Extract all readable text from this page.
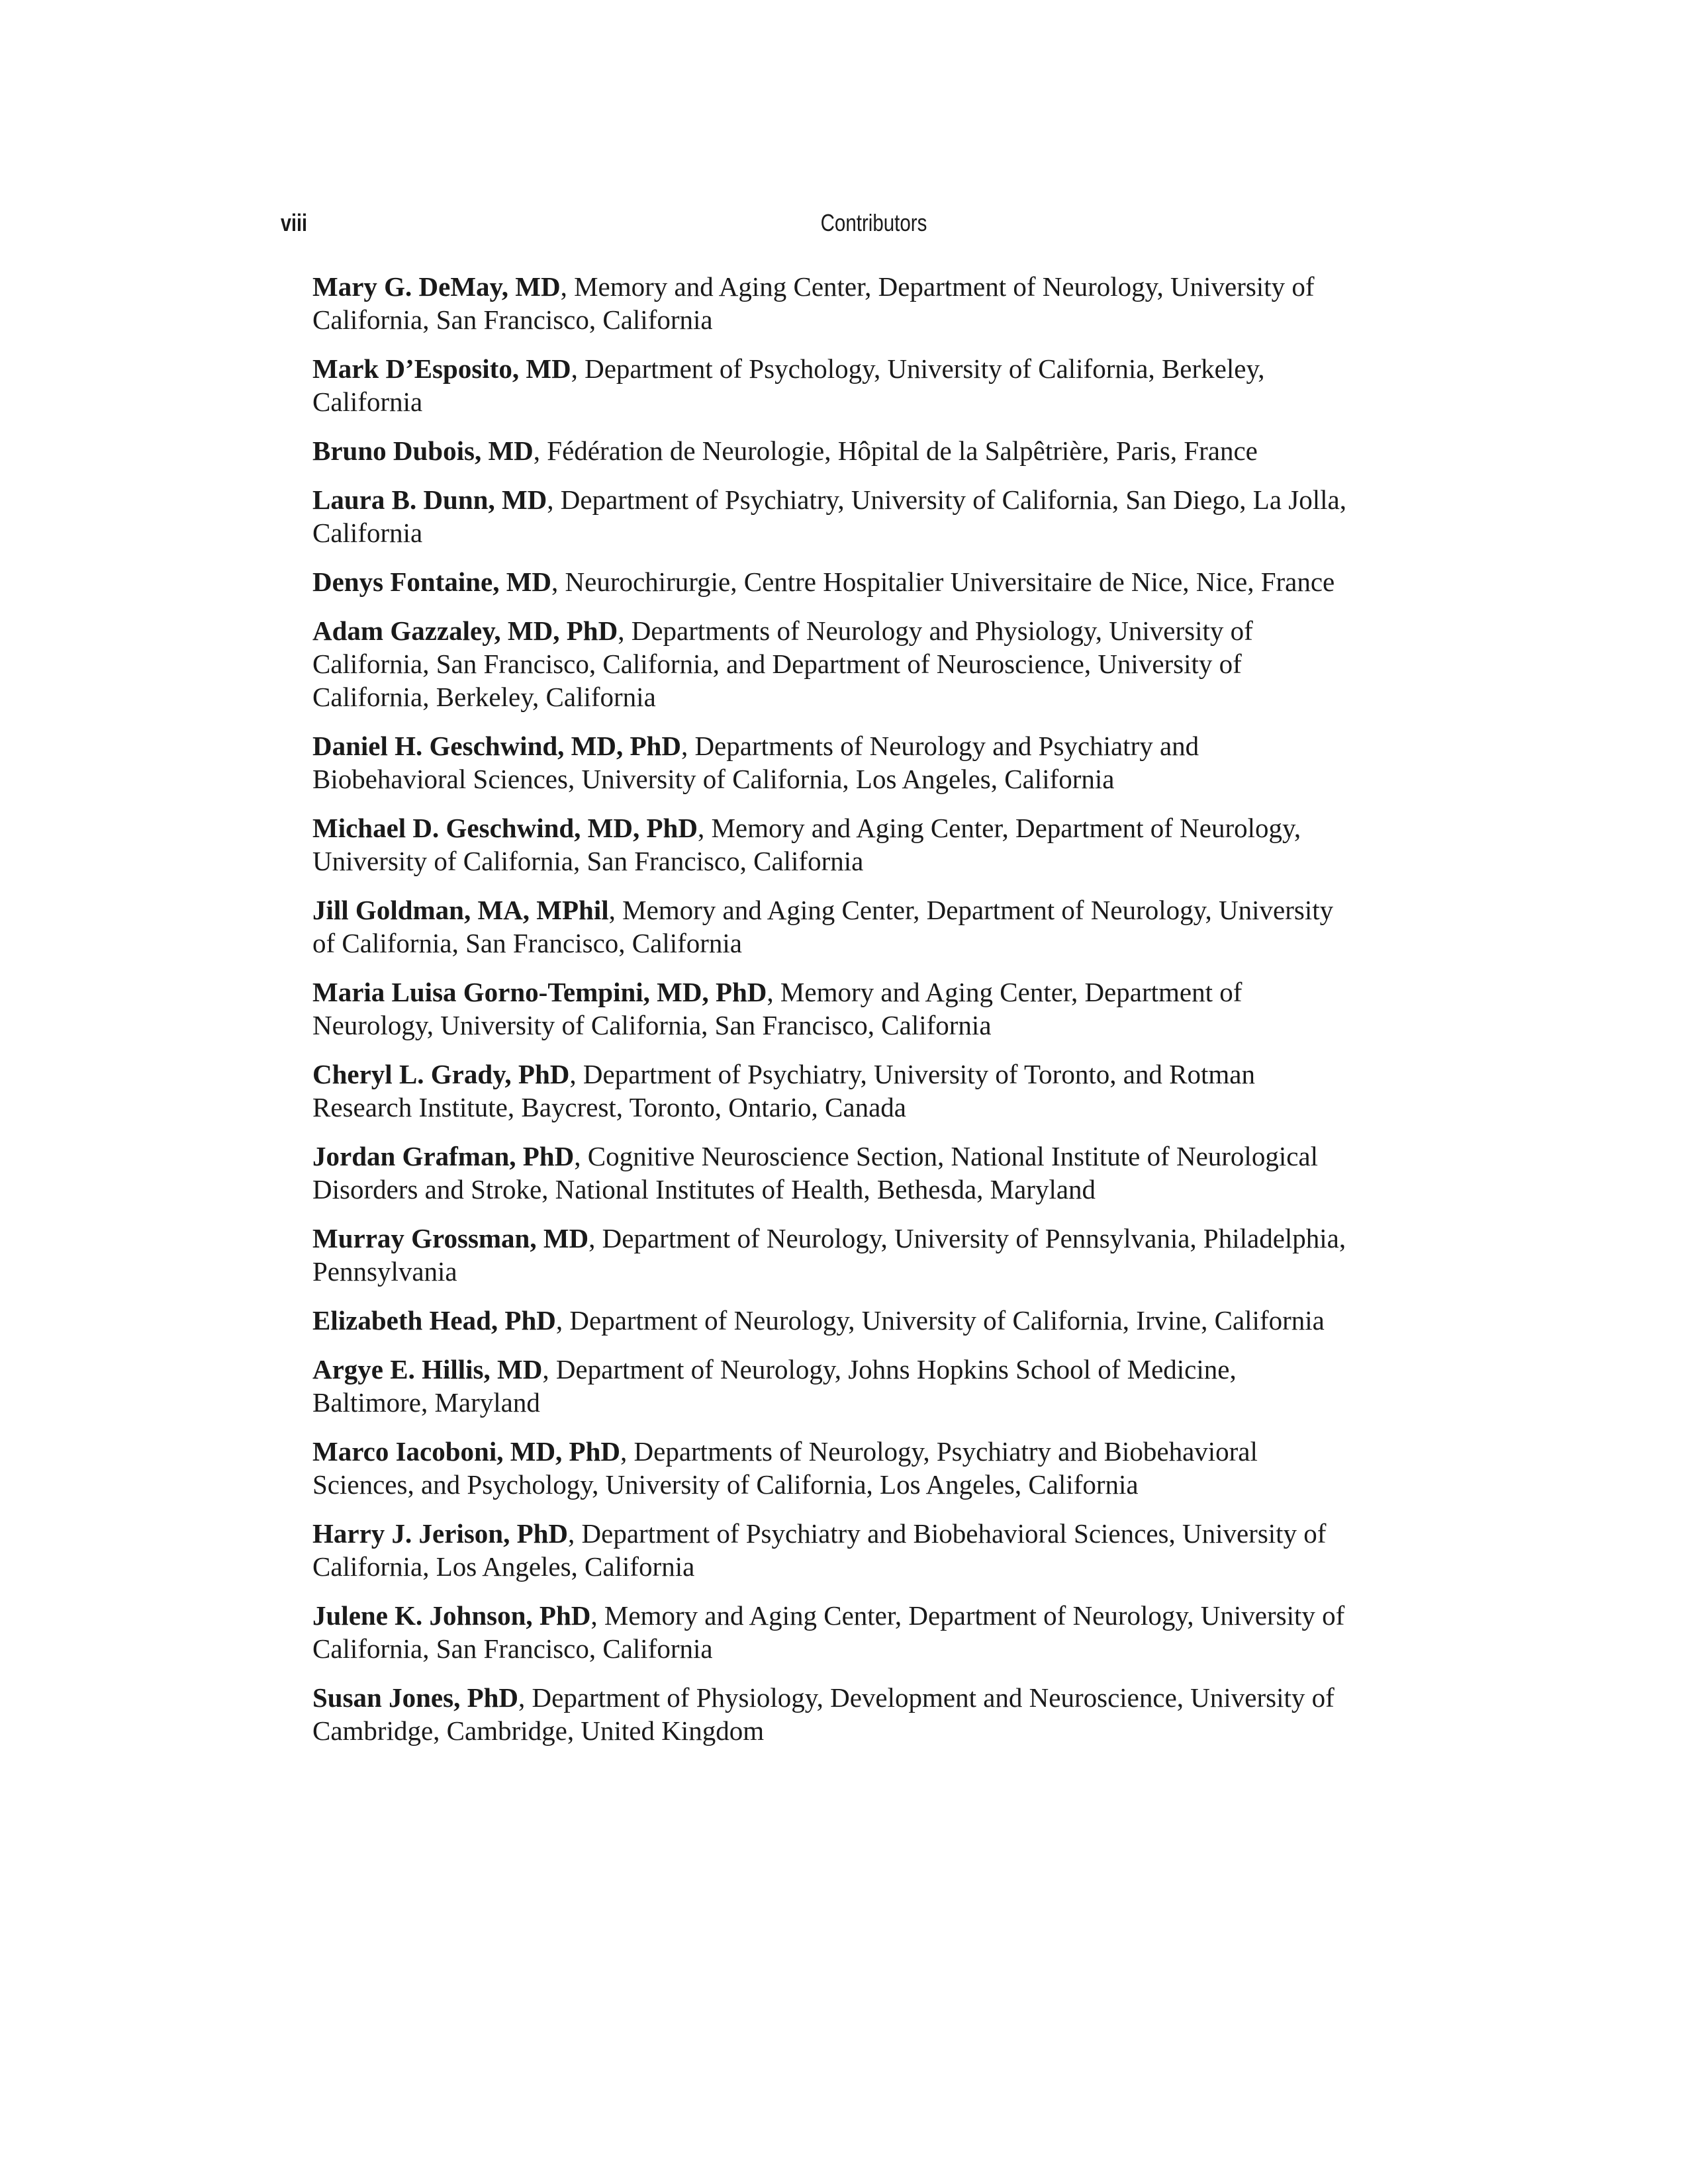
viii	Contributors
Mary G. DeMay, MD, Memory and Aging Center, Department of Neurology, University of California, San Francisco, California
Mark D’Esposito, MD, Department of Psychology, University of California, Berkeley, California
Bruno Dubois, MD, Fédération de Neurologie, Hôpital de la Salpêtrière, Paris, France
Laura B. Dunn, MD, Department of Psychiatry, University of California, San Diego, La Jolla, California
Denys Fontaine, MD, Neurochirurgie, Centre Hospitalier Universitaire de Nice, Nice, France
Adam Gazzaley, MD, PhD, Departments of Neurology and Physiology, University of California, San Francisco, California, and Department of Neuroscience, University of California, Berkeley, California
Daniel H. Geschwind, MD, PhD, Departments of Neurology and Psychiatry and Biobehavioral Sciences, University of California, Los Angeles, California
Michael D. Geschwind, MD, PhD, Memory and Aging Center, Department of Neurology, University of California, San Francisco, California
Jill Goldman, MA, MPhil, Memory and Aging Center, Department of Neurology, University of California, San Francisco, California
Maria Luisa Gorno-Tempini, MD, PhD, Memory and Aging Center, Department of Neurology, University of California, San Francisco, California
Cheryl L. Grady, PhD, Department of Psychiatry, University of Toronto, and Rotman Research Institute, Baycrest, Toronto, Ontario, Canada
Jordan Grafman, PhD, Cognitive Neuroscience Section, National Institute of Neurological Disorders and Stroke, National Institutes of Health, Bethesda, Maryland
Murray Grossman, MD, Department of Neurology, University of Pennsylvania, Philadelphia, Pennsylvania
Elizabeth Head, PhD, Department of Neurology, University of California, Irvine, California
Argye E. Hillis, MD, Department of Neurology, Johns Hopkins School of Medicine, Baltimore, Maryland
Marco Iacoboni, MD, PhD, Departments of Neurology, Psychiatry and Biobehavioral Sciences, and Psychology, University of California, Los Angeles, California
Harry J. Jerison, PhD, Department of Psychiatry and Biobehavioral Sciences, University of California, Los Angeles, California
Julene K. Johnson, PhD, Memory and Aging Center, Department of Neurology, University of California, San Francisco, California
Susan Jones, PhD, Department of Physiology, Development and Neuroscience, University of Cambridge, Cambridge, United Kingdom
